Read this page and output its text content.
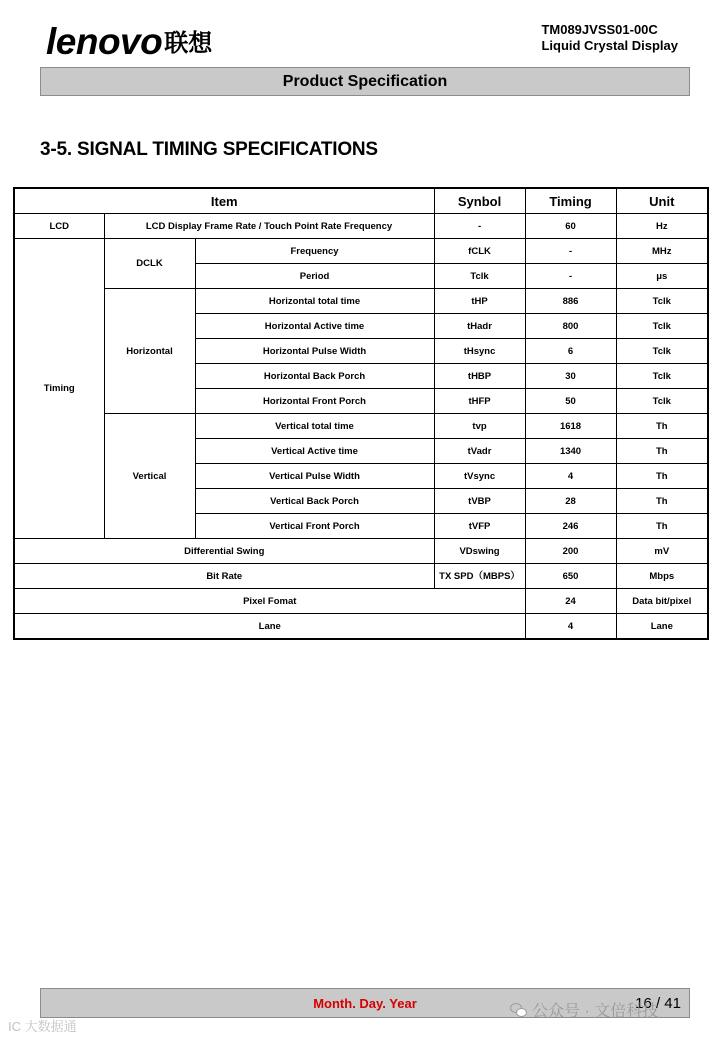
lenovo联想
TM089JVSS01-00C
Liquid Crystal Display
Product Specification
3-5. SIGNAL TIMING SPECIFICATIONS
Item			Synbol	Timing	Unit
LCD	LCD Display Frame Rate / Touch Point Rate Frequency		-	60	Hz
Timing	DCLK	Frequency	fCLK	-	MHz
		Period	Tclk	-	μs
	Horizontal	Horizontal total time	tHP	886	Tclk
		Horizontal Active time	tHadr	800	Tclk
		Horizontal Pulse Width	tHsync	6	Tclk
		Horizontal Back Porch	tHBP	30	Tclk
		Horizontal Front Porch	tHFP	50	Tclk
	Vertical	Vertical total time	tvp	1618	Th
		Vertical Active time	tVadr	1340	Th
		Vertical Pulse Width	tVsync	4	Th
		Vertical Back Porch	tVBP	28	Th
		Vertical Front Porch	tVFP	246	Th
Differential Swing			VDswing	200	mV
Bit Rate			TX SPD（MBPS）	650	Mbps
Pixel Fomat				24	Data bit/pixel
Lane				4	Lane
Month. Day. Year	16 / 41
公众号 · 文倍科技
IC 大数据通
